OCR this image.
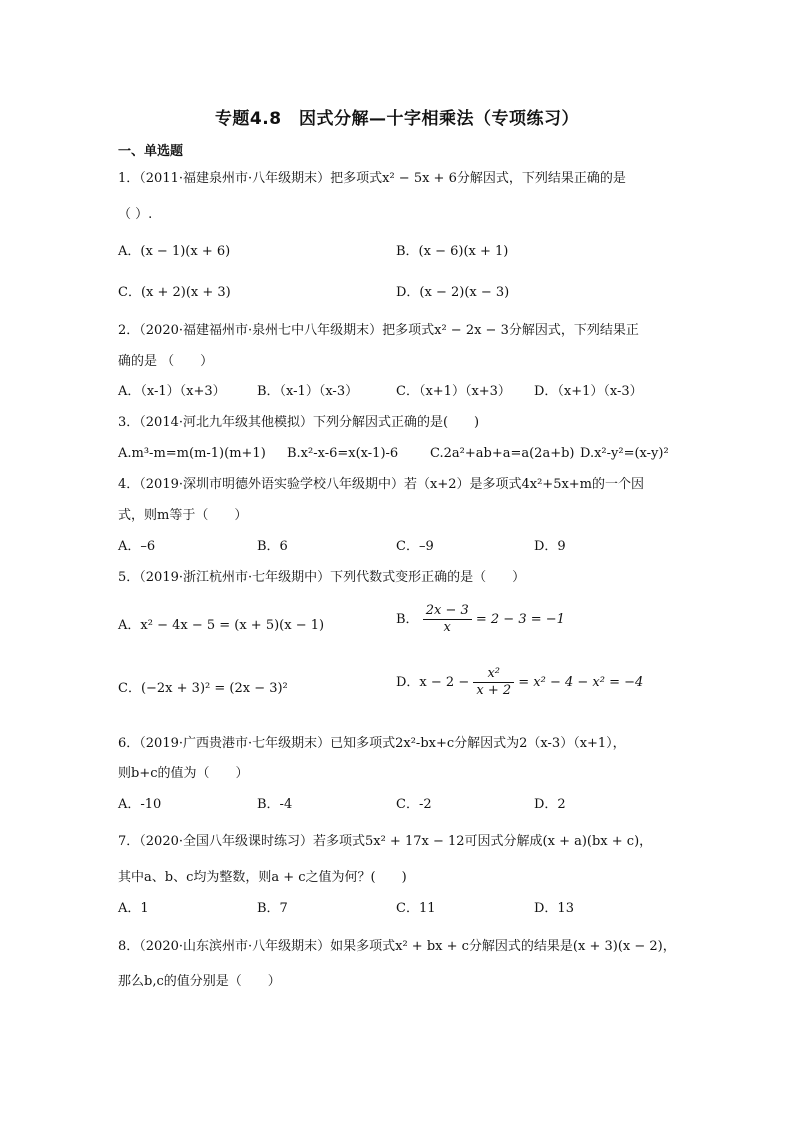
专题4.8　因式分解—十字相乘法（专项练习）
一、单选题
1．（2011·福建泉州市·八年级期末）把多项式x² − 5x + 6分解因式，下列结果正确的是
（ ）.
A．(x − 1)(x + 6)	B．(x − 6)(x + 1)
C．(x + 2)(x + 3)	D．(x − 2)(x − 3)
2．（2020·福建福州市·泉州七中八年级期末）把多项式x² − 2x − 3分解因式，下列结果正
确的是 （　　）
A．（x-1）（x+3） B．（x-1）（x-3）	C．（x+1）（x+3） D．（x+1）（x-3）
3．（2014·河北九年级其他模拟）下列分解因式正确的是(　　)
A.m³-m=m(m-1)(m+1) B.x²-x-6=x(x-1)-6 C.2a²+ab+a=a(2a+b) D.x²-y²=(x-y)²
4．（2019·深圳市明德外语实验学校八年级期中）若（x+2）是多项式4x²+5x+m的一个因
式，则m等于（　　）
A．–6	B．6	C．–9	D．9
5．（2019·浙江杭州市·七年级期中）下列代数式变形正确的是（　　）
A．x² − 4x − 5 = (x + 5)(x − 1)	B． $\frac{2x - 3}{x} = 2 - 3 = -1$
C．(−2x + 3)² = (2x − 3)²	D．$x - 2 - \frac{\text{x²}}{x + 2} = x^2 - 4 - x^2 = -4$
6．（2019·广西贵港市·七年级期末）已知多项式2x²-bx+c分解因式为2（x-3）（x+1），
则b+c的值为（　　）
A．-10	B．-4	C．-2	D．2
7．（2020·全国八年级课时练习）若多项式5x² + 17x − 12可因式分解成(x + a)(bx + c)，
其中a、b、c均为整数，则a + c之值为何？(　　)
A．1	B．7	C．11	D．13
8．（2020·山东滨州市·八年级期末）如果多项式x² + bx + c分解因式的结果是(x + 3)(x − 2)，
那么b,c的值分别是（　　）
